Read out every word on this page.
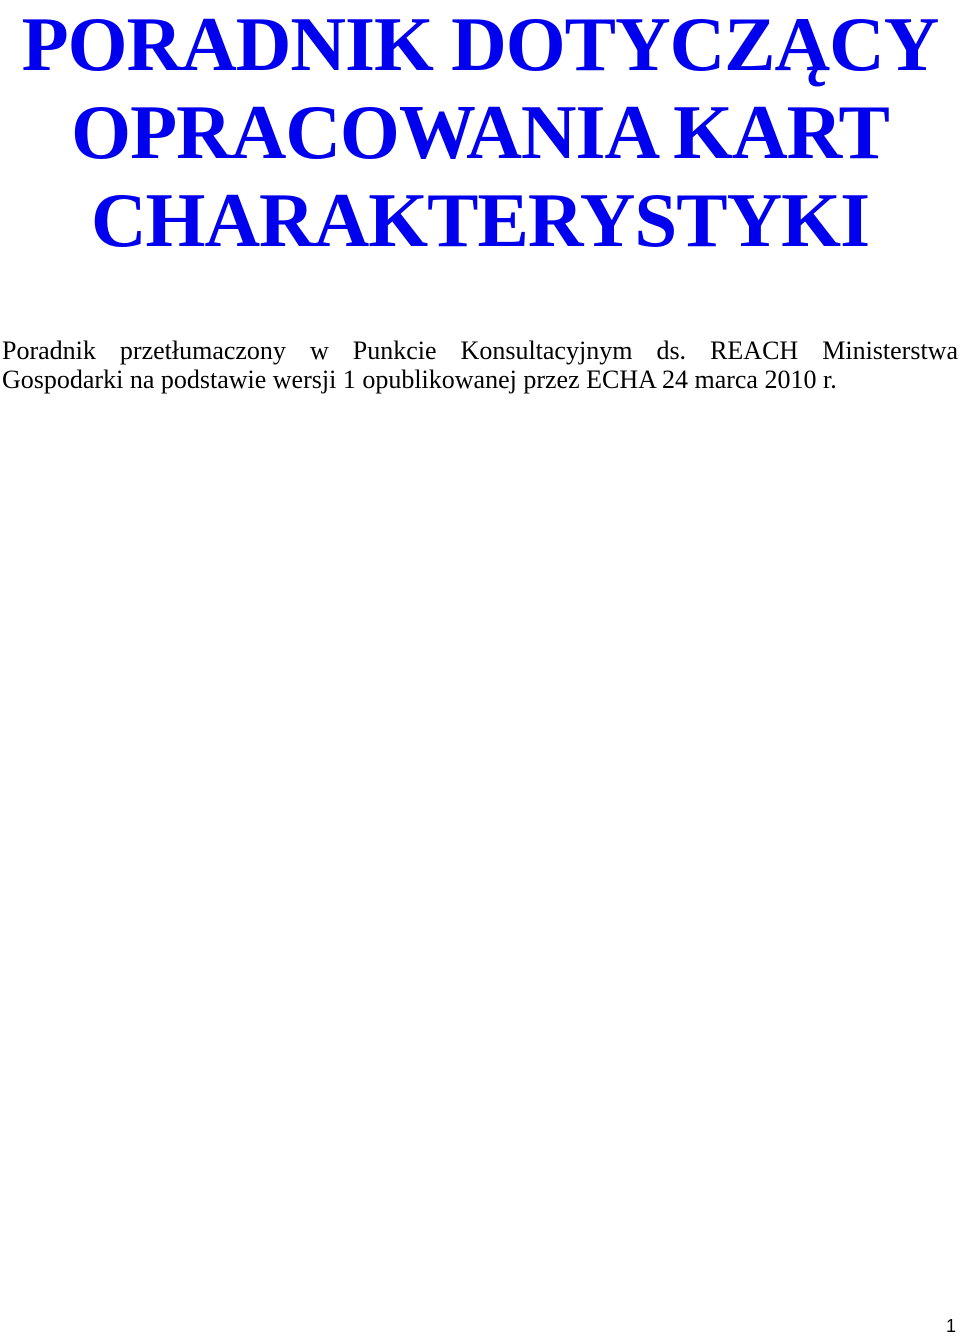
PORADNIK DOTYCZĄCY
OPRACOWANIA KART
CHARAKTERYSTYKI

Poradnik przetłumaczony w Punkcie Konsultacyjnym ds. REACH Ministerstwa Gospodarki na podstawie wersji 1 opublikowanej przez ECHA 24 marca 2010 r.

1
